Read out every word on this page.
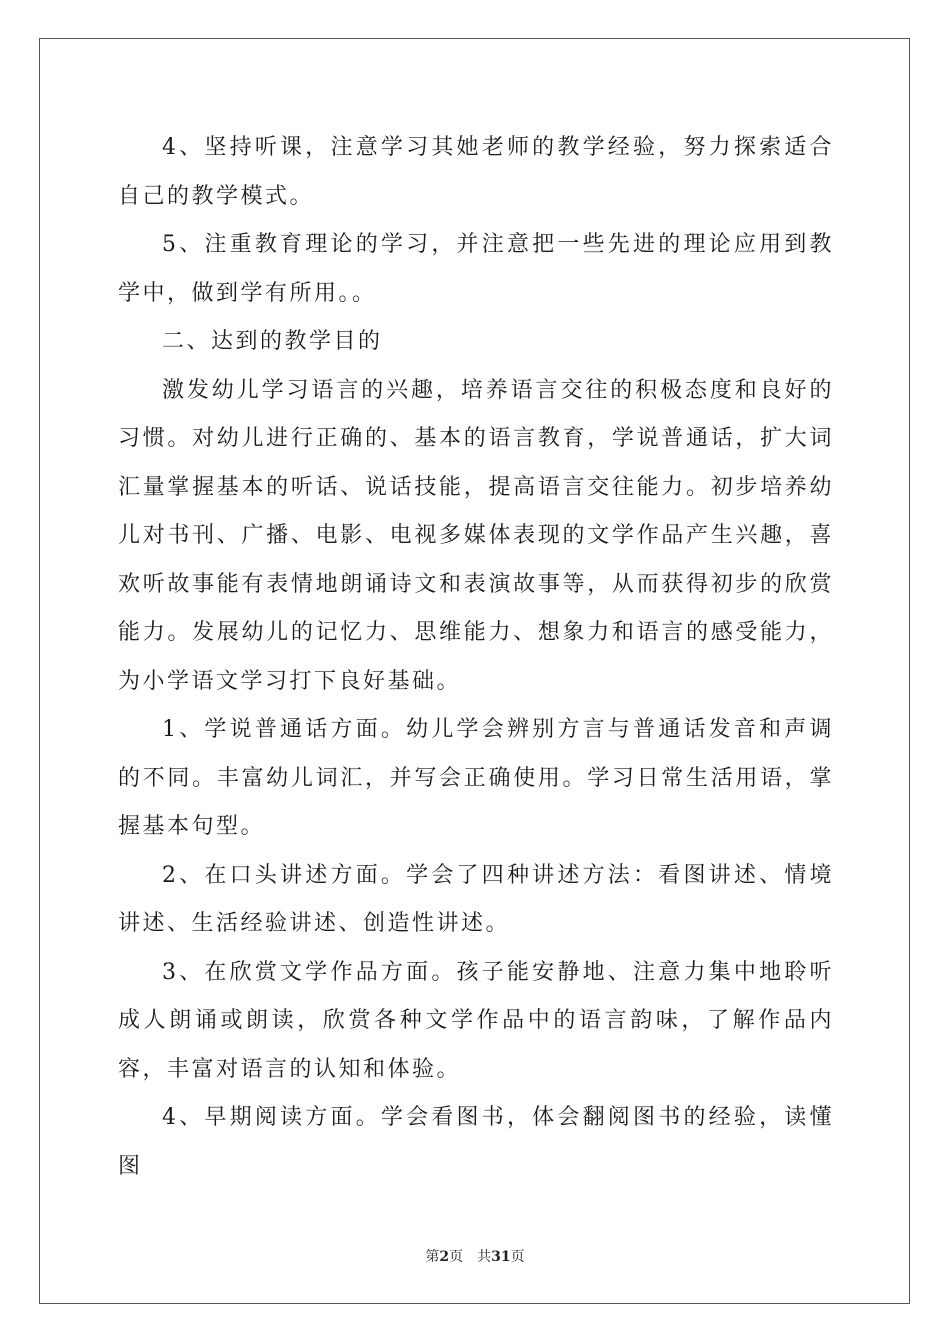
4、坚持听课，注意学习其她老师的教学经验，努力探索适合自己的教学模式。

5、注重教育理论的学习，并注意把一些先进的理论应用到教学中，做到学有所用。。

二、达到的教学目的

激发幼儿学习语言的兴趣，培养语言交往的积极态度和良好的习惯。对幼儿进行正确的、基本的语言教育，学说普通话，扩大词汇量掌握基本的听话、说话技能，提高语言交往能力。初步培养幼儿对书刊、广播、电影、电视多媒体表现的文学作品产生兴趣，喜欢听故事能有表情地朗诵诗文和表演故事等，从而获得初步的欣赏能力。发展幼儿的记忆力、思维能力、想象力和语言的感受能力，为小学语文学习打下良好基础。

1、学说普通话方面。幼儿学会辨别方言与普通话发音和声调的不同。丰富幼儿词汇，并写会正确使用。学习日常生活用语，掌握基本句型。

2、在口头讲述方面。学会了四种讲述方法：看图讲述、情境讲述、生活经验讲述、创造性讲述。

3、在欣赏文学作品方面。孩子能安静地、注意力集中地聆听成人朗诵或朗读，欣赏各种文学作品中的语言韵味，了解作品内容，丰富对语言的认知和体验。

4、早期阅读方面。学会看图书，体会翻阅图书的经验，读懂图

第2页 共31页
